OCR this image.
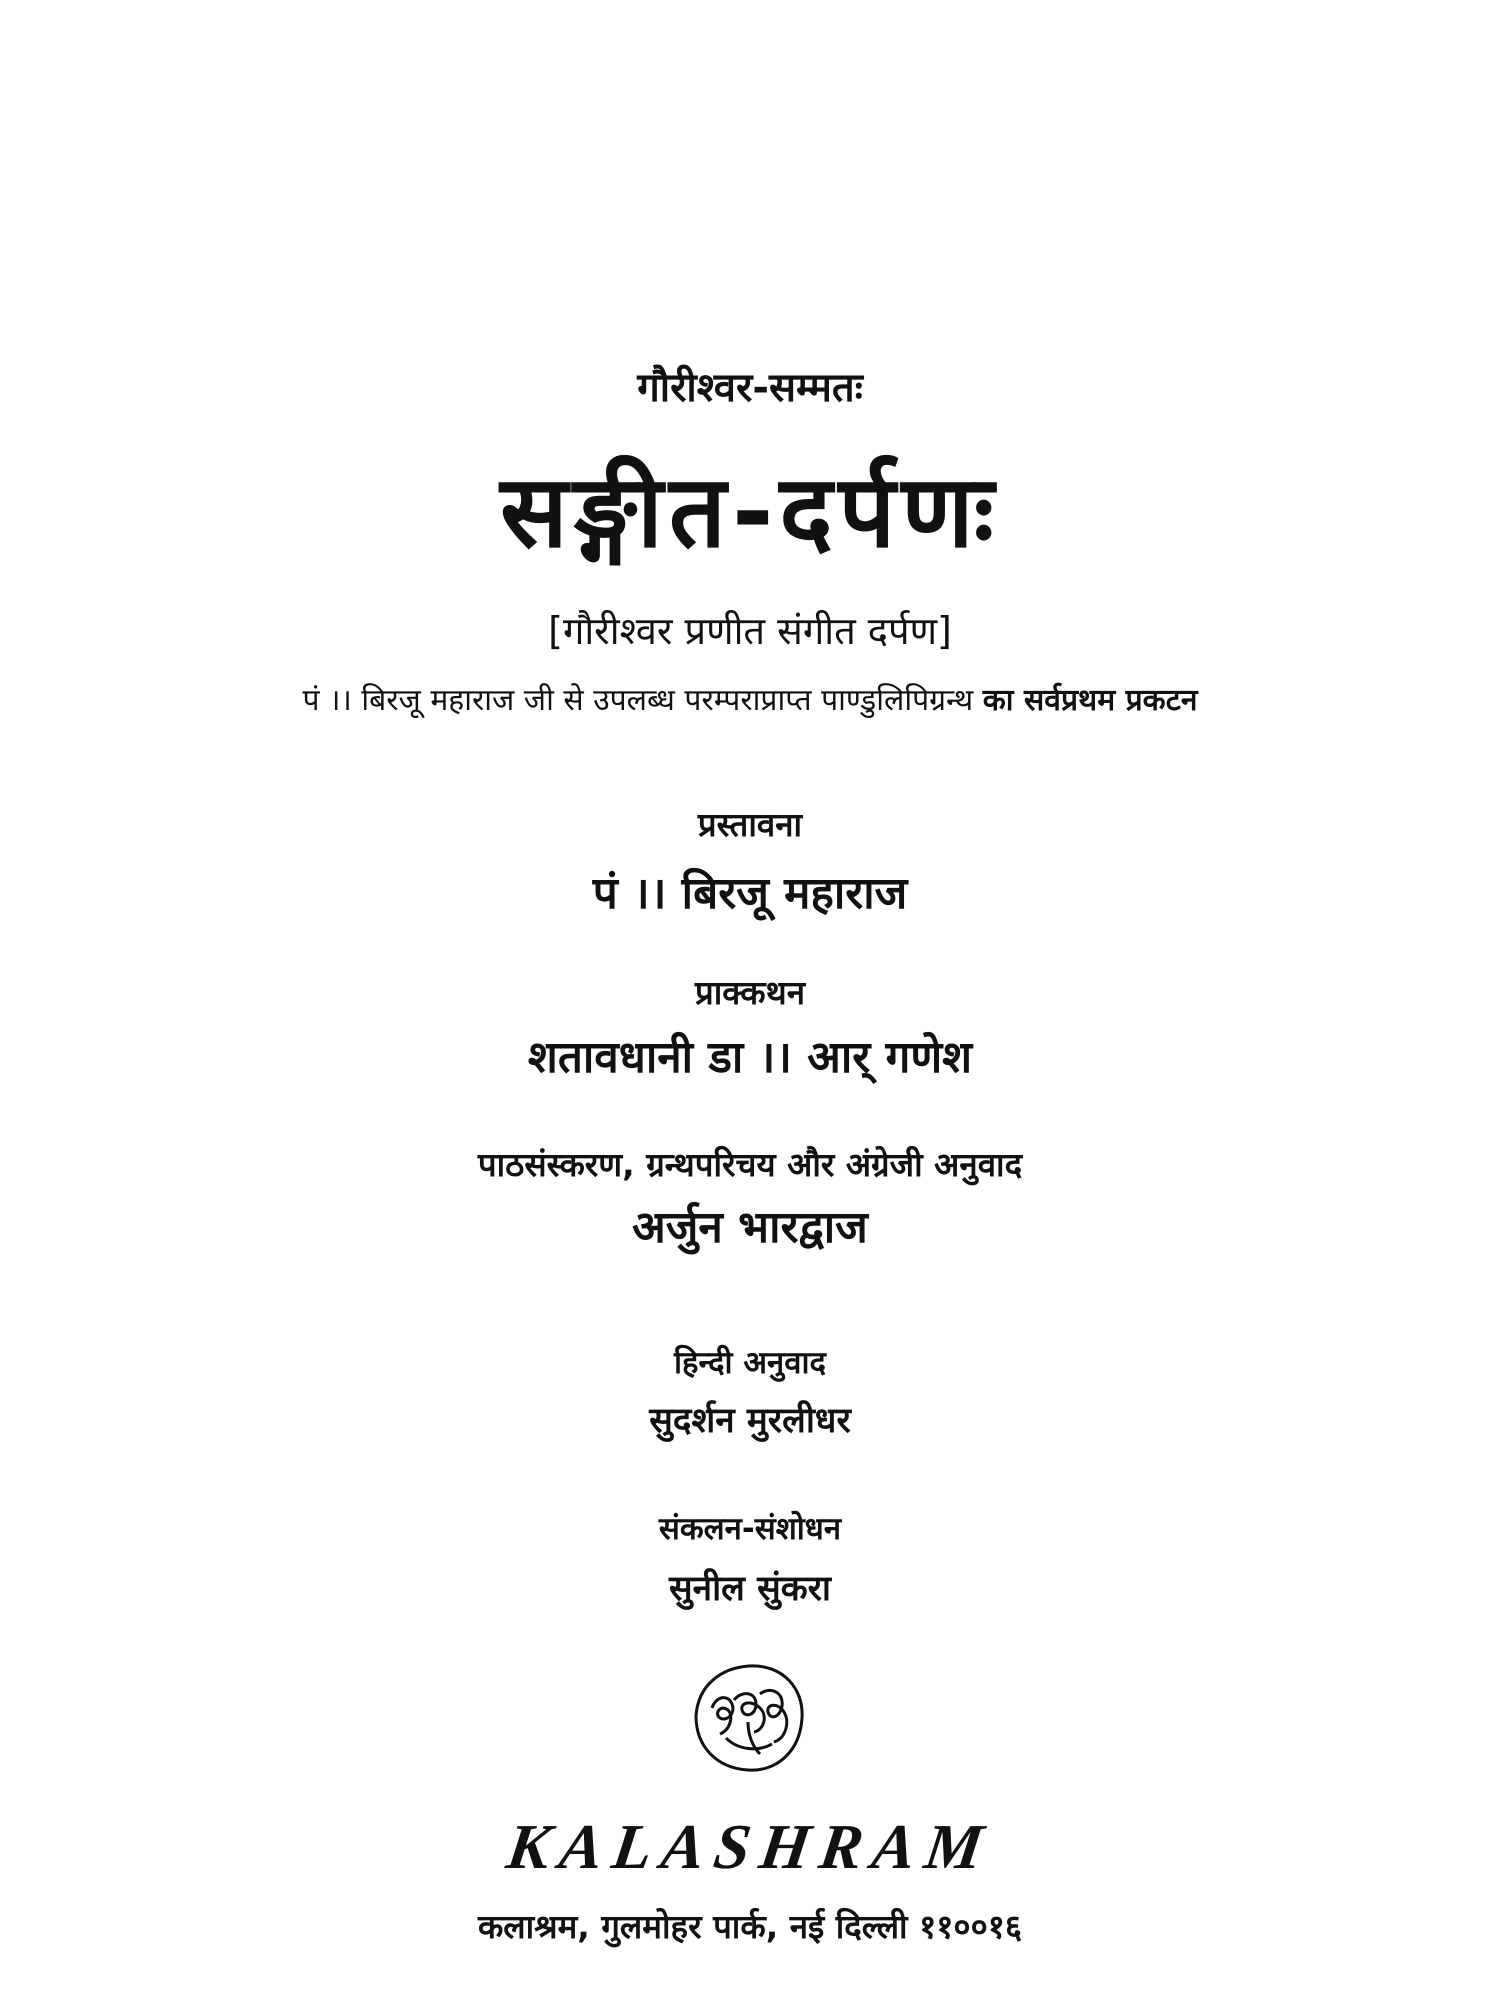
गौरीश्वर-सम्मतः
सङ्गीत-दर्पणः
[गौरीश्वर प्रणीत संगीत दर्पण]
पं ।। बिरजू महाराज जी से उपलब्ध परम्पराप्राप्त पाण्डुलिपिग्रन्थ का सर्वप्रथम प्रकटन
प्रस्तावना
पं ।। बिरजू महाराज
प्राक्कथन
शतावधानी डा ।। आर् गणेश
पाठसंस्करण, ग्रन्थपरिचय और अंग्रेजी अनुवाद
अर्जुन भारद्वाज
हिन्दी अनुवाद
सुदर्शन मुरलीधर
संकलन-संशोधन
सुनील सुंकरा
KALASHRAM
कलाश्रम, गुलमोहर पार्क, नई दिल्ली ११००१६
